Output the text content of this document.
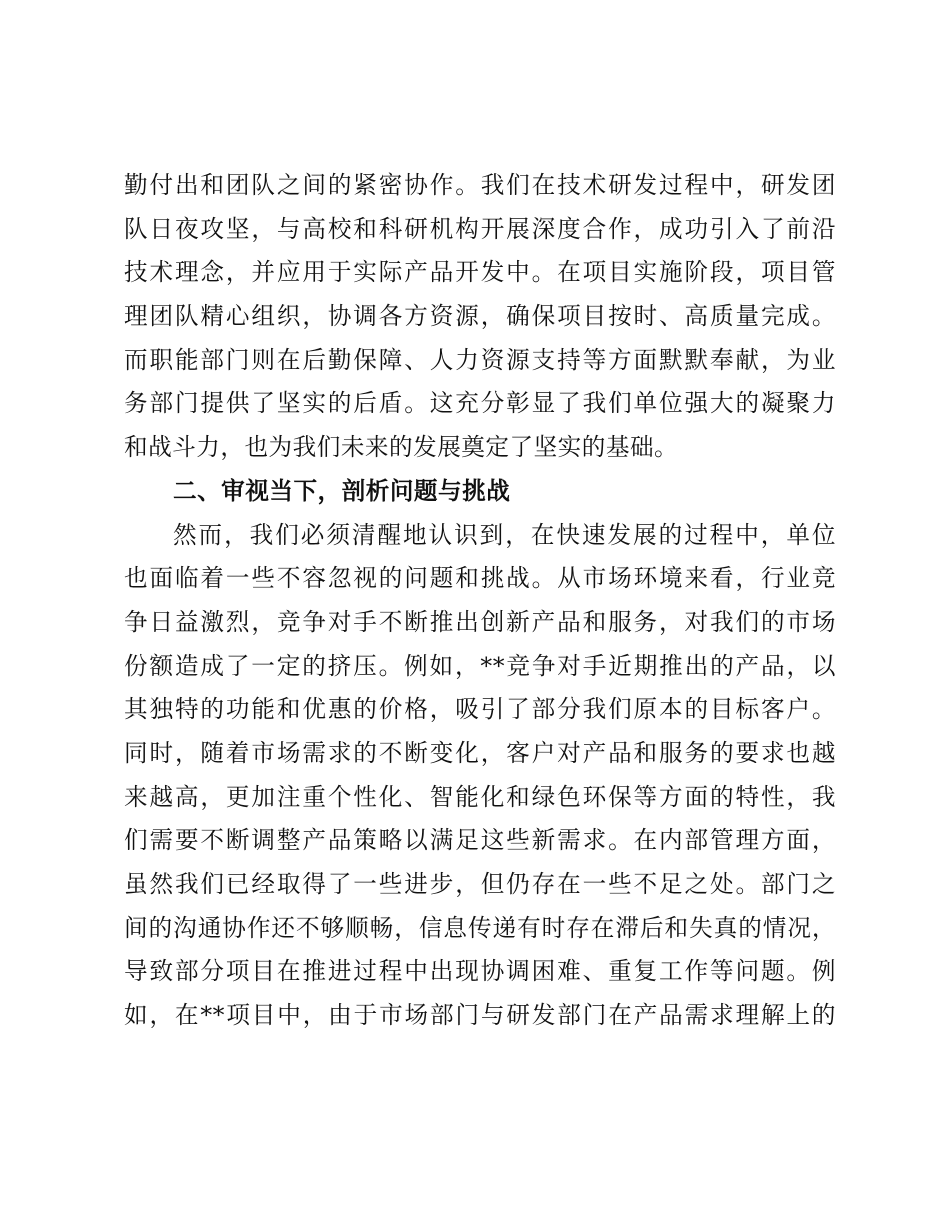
勤付出和团队之间的紧密协作。我们在技术研发过程中，研发团
队日夜攻坚，与高校和科研机构开展深度合作，成功引入了前沿
技术理念，并应用于实际产品开发中。在项目实施阶段，项目管
理团队精心组织，协调各方资源，确保项目按时、高质量完成。
而职能部门则在后勤保障、人力资源支持等方面默默奉献，为业
务部门提供了坚实的后盾。这充分彰显了我们单位强大的凝聚力
和战斗力，也为我们未来的发展奠定了坚实的基础。
二、审视当下，剖析问题与挑战
然而，我们必须清醒地认识到，在快速发展的过程中，单位
也面临着一些不容忽视的问题和挑战。从市场环境来看，行业竞
争日益激烈，竞争对手不断推出创新产品和服务，对我们的市场
份额造成了一定的挤压。例如，**竞争对手近期推出的产品，以
其独特的功能和优惠的价格，吸引了部分我们原本的目标客户。
同时，随着市场需求的不断变化，客户对产品和服务的要求也越
来越高，更加注重个性化、智能化和绿色环保等方面的特性，我
们需要不断调整产品策略以满足这些新需求。在内部管理方面，
虽然我们已经取得了一些进步，但仍存在一些不足之处。部门之
间的沟通协作还不够顺畅，信息传递有时存在滞后和失真的情况，
导致部分项目在推进过程中出现协调困难、重复工作等问题。例
如，在**项目中，由于市场部门与研发部门在产品需求理解上的
